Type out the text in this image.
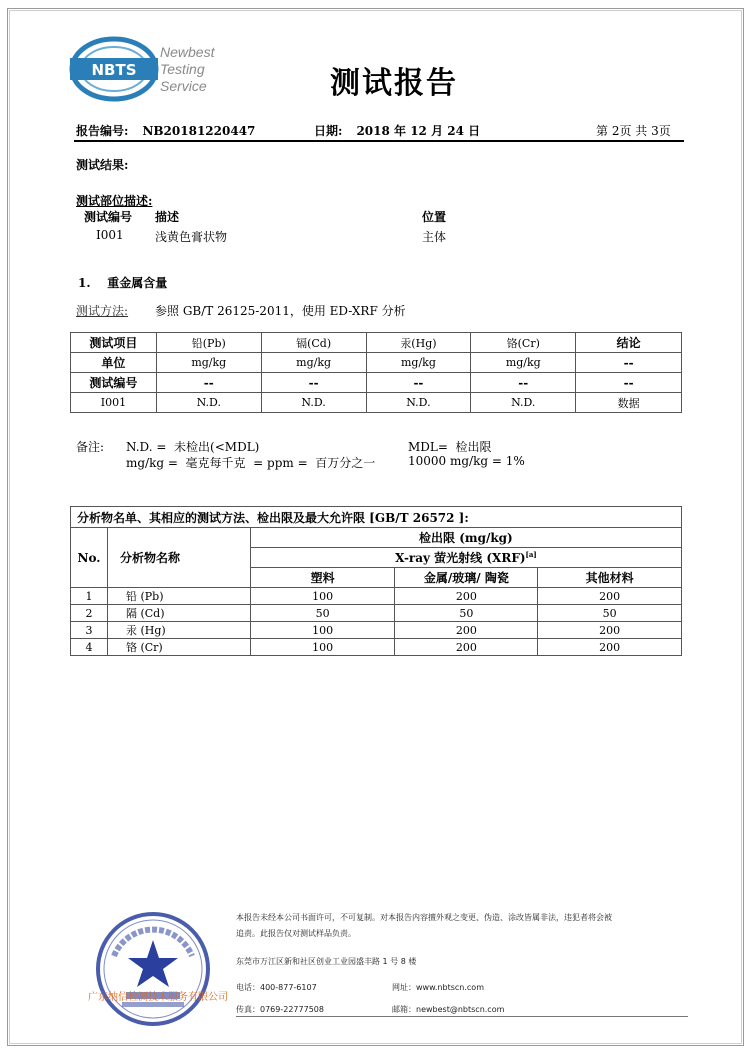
NBTS
Newbest
Testing
Service	测试报告
报告编号: NB20181220447	日期: 2018 年 12 月 24 日	第 2页 共 3页
测试结果:
测试部位描述:
测试编号 描述	位置
I001	浅黄色膏状物	主体
1.    重金属含量
测试方法: 参照 GB/T 26125-2011，使用 ED-XRF 分析
测试项目	铅(Pb)	镉(Cd)	汞(Hg)	铬(Cr)	结论
单位	mg/kg	mg/kg	mg/kg	mg/kg	--
测试编号	--	--	--	--	--
I001	N.D.	N.D.	N.D.	N.D.	数据
备注: N.D. =  未检出(<MDL)
mg/kg =  毫克每千克  = ppm =  百万分之一
MDL=  检出限
10000 mg/kg = 1%
分析物名单、其相应的测试方法、检出限及最大允许限 [GB/T 26572 ]:				
No.	分析物名称	检出限 (mg/kg)		
		X-ray 萤光射线 (XRF)[a]
		塑料	金属/玻璃/ 陶瓷	其他材料
1	铅 (Pb)	100	200	200
2	隔 (Cd)	50	50	50
3	汞 (Hg)	100	200	200
4	铬 (Cr)	100	200	200
广东纳信检测技术服务有限公司
本报告未经本公司书面许可，不可复制。对本报告内容擅外观之变更、伪造、涂改皆属非法，违犯者将会被
追责。此报告仅对测试样品负责。
东莞市万江区新和社区创业工业园盛丰路 1 号 8 楼
电话：400-877-6107	网址：www.nbtscn.com
传真：0769-22777508	邮箱：newbest@nbtscn.com
